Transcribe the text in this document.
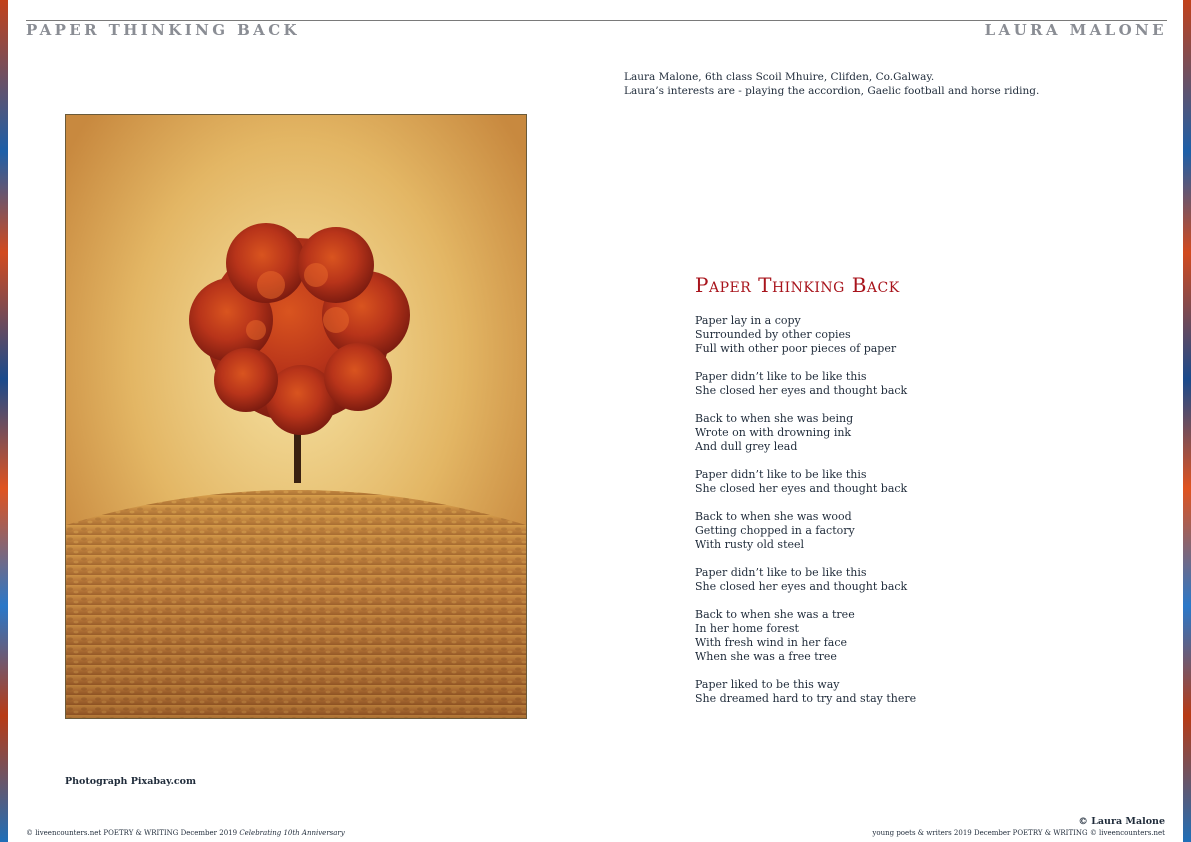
PAPER THINKING BACK	LAURA MALONE
Laura Malone, 6th class Scoil Mhuire, Clifden, Co.Galway.
Laura’s interests are - playing the accordion, Gaelic football and horse riding.
Photograph Pixabay.com
Paper Thinking Back
Paper lay in a copy
Surrounded by other copies
Full with other poor pieces of paper
Paper didn’t like to be like this
She closed her eyes and thought back
Back to when she was being
Wrote on with drowning ink
And dull grey lead
Paper didn’t like to be like this
She closed her eyes and thought back
Back to when she was wood
Getting chopped in a factory
With rusty old steel
Paper didn’t like to be like this
She closed her eyes and thought back
Back to when she was a tree
In her home forest
With fresh wind in her face
When she was a free tree
Paper liked to be this way
She dreamed hard to try and stay there
© Laura Malone
© liveencounters.net POETRY & WRITING December 2019 Celebrating 10th Anniversary	young poets & writers 2019 December POETRY & WRITING © liveencounters.net
